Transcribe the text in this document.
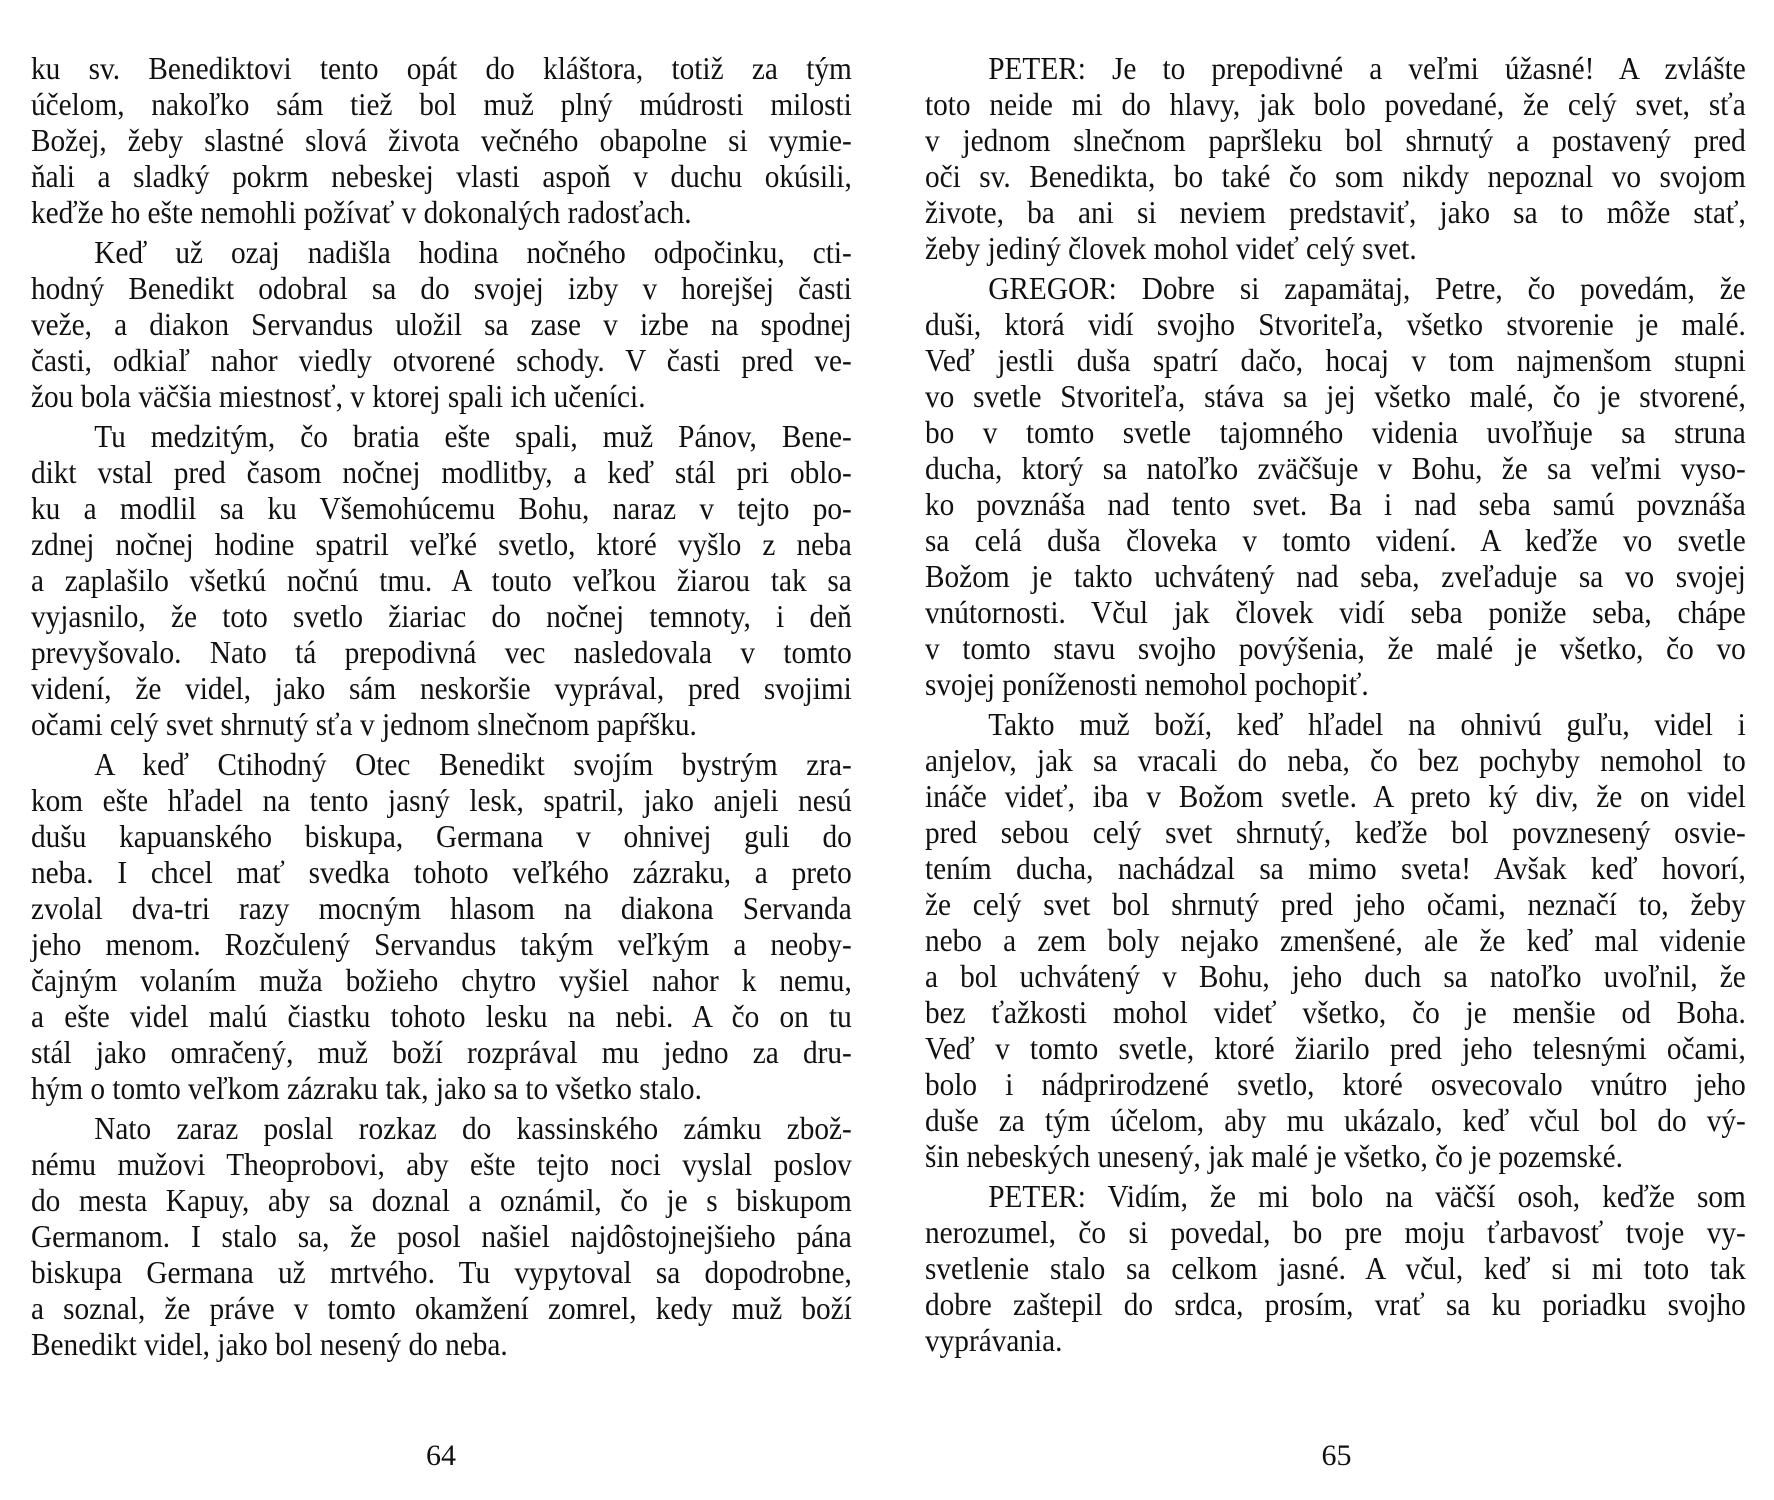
ku sv. Benediktovi tento opát do kláštora, totiž za tým
účelom, nakoľko sám tiež bol muž plný múdrosti milosti
Božej, žeby slastné slová života večného obapolne si vymie-
ňali a sladký pokrm nebeskej vlasti aspoň v duchu okúsili,
keďže ho ešte nemohli požívať v dokonalých radosťach.
Keď už ozaj nadišla hodina nočného odpočinku, cti-
hodný Benedikt odobral sa do svojej izby v horejšej časti
veže, a diakon Servandus uložil sa zase v izbe na spodnej
časti, odkiaľ nahor viedly otvorené schody. V časti pred ve-
žou bola väčšia miestnosť, v ktorej spali ich učeníci.
Tu medzitým, čo bratia ešte spali, muž Pánov, Bene-
dikt vstal pred časom nočnej modlitby, a keď stál pri oblo-
ku a modlil sa ku Všemohúcemu Bohu, naraz v tejto po-
zdnej nočnej hodine spatril veľké svetlo, ktoré vyšlo z neba
a zaplašilo všetkú nočnú tmu. A touto veľkou žiarou tak sa
vyjasnilo, že toto svetlo žiariac do nočnej temnoty, i deň
prevyšovalo. Nato tá prepodivná vec nasledovala v tomto
videní, že videl, jako sám neskoršie vyprával, pred svojimi
očami celý svet shrnutý sťa v jednom slnečnom papŕšku.
A keď Ctihodný Otec Benedikt svojím bystrým zra-
kom ešte hľadel na tento jasný lesk, spatril, jako anjeli nesú
dušu kapuanského biskupa, Germana v ohnivej guli do
neba. I chcel mať svedka tohoto veľkého zázraku, a preto
zvolal dva-tri razy mocným hlasom na diakona Servanda
jeho menom. Rozčulený Servandus takým veľkým a neoby-
čajným volaním muža božieho chytro vyšiel nahor k nemu,
a ešte videl malú čiastku tohoto lesku na nebi. A čo on tu
stál jako omračený, muž boží rozprával mu jedno za dru-
hým o tomto veľkom zázraku tak, jako sa to všetko stalo.
Nato zaraz poslal rozkaz do kassinského zámku zbož-
nému mužovi Theoprobovi, aby ešte tejto noci vyslal poslov
do mesta Kapuy, aby sa doznal a oznámil, čo je s biskupom
Germanom. I stalo sa, že posol našiel najdôstojnejšieho pána
biskupa Germana už mrtvého. Tu vypytoval sa dopodrobne,
a soznal, že práve v tomto okamžení zomrel, kedy muž boží
Benedikt videl, jako bol nesený do neba.
64
PETER: Je to prepodivné a veľmi úžasné! A zvlášte
toto neide mi do hlavy, jak bolo povedané, že celý svet, sťa
v jednom slnečnom papršleku bol shrnutý a postavený pred
oči sv. Benedikta, bo také čo som nikdy nepoznal vo svojom
živote, ba ani si neviem predstaviť, jako sa to môže stať,
žeby jediný človek mohol videť celý svet.
GREGOR: Dobre si zapamätaj, Petre, čo povedám, že
duši, ktorá vidí svojho Stvoriteľa, všetko stvorenie je malé.
Veď jestli duša spatrí dačo, hocaj v tom najmenšom stupni
vo svetle Stvoriteľa, stáva sa jej všetko malé, čo je stvorené,
bo v tomto svetle tajomného videnia uvoľňuje sa struna
ducha, ktorý sa natoľko zväčšuje v Bohu, že sa veľmi vyso-
ko povznáša nad tento svet. Ba i nad seba samú povznáša
sa celá duša človeka v tomto videní. A keďže vo svetle
Božom je takto uchvátený nad seba, zveľaduje sa vo svojej
vnútornosti. Včul jak človek vidí seba poniže seba, chápe
v tomto stavu svojho povýšenia, že malé je všetko, čo vo
svojej poníženosti nemohol pochopiť.
Takto muž boží, keď hľadel na ohnivú guľu, videl i
anjelov, jak sa vracali do neba, čo bez pochyby nemohol to
ináče videť, iba v Božom svetle. A preto ký div, že on videl
pred sebou celý svet shrnutý, keďže bol povznesený osvie-
tením ducha, nachádzal sa mimo sveta! Avšak keď hovorí,
že celý svet bol shrnutý pred jeho očami, neznačí to, žeby
nebo a zem boly nejako zmenšené, ale že keď mal videnie
a bol uchvátený v Bohu, jeho duch sa natoľko uvoľnil, že
bez ťažkosti mohol videť všetko, čo je menšie od Boha.
Veď v tomto svetle, ktoré žiarilo pred jeho telesnými očami,
bolo i nádprirodzené svetlo, ktoré osvecovalo vnútro jeho
duše za tým účelom, aby mu ukázalo, keď včul bol do vý-
šin nebeských unesený, jak malé je všetko, čo je pozemské.
PETER: Vidím, že mi bolo na väčší osoh, keďže som
nerozumel, čo si povedal, bo pre moju ťarbavosť tvoje vy-
svetlenie stalo sa celkom jasné. A včul, keď si mi toto tak
dobre zaštepil do srdca, prosím, vrať sa ku poriadku svojho
vyprávania.
65
